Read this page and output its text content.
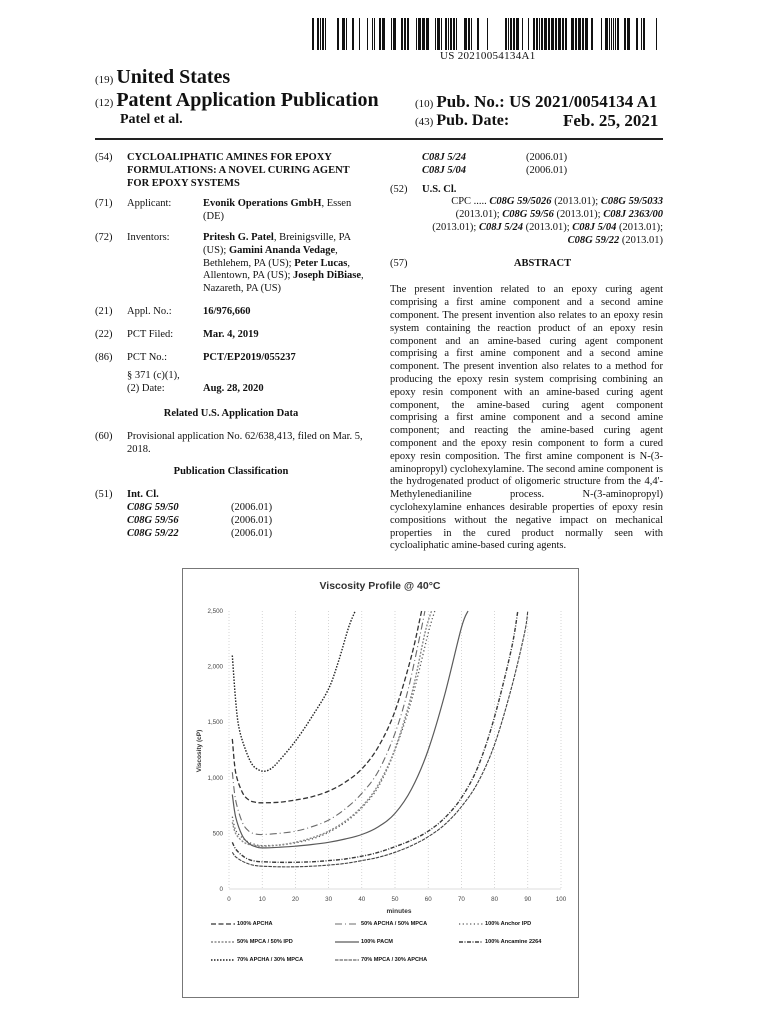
US 20210054134A1
(19) United States
(12) Patent Application Publication
Patel et al.
(10) Pub. No.: US 2021/0054134 A1
(43) Pub. Date:	Feb. 25, 2021
(54)	CYCLOALIPHATIC AMINES FOR EPOXY FORMULATIONS: A NOVEL CURING AGENT FOR EPOXY SYSTEMS
(71)	Applicant:	Evonik Operations GmbH, Essen (DE)
(72)	Inventors:	Pritesh G. Patel, Breinigsville, PA (US); Gamini Ananda Vedage, Bethlehem, PA (US); Peter Lucas, Allentown, PA (US); Joseph DiBiase, Nazareth, PA (US)
(21)	Appl. No.:	16/976,660
(22)	PCT Filed:	Mar. 4, 2019
(86)	PCT No.:	PCT/EP2019/055237
§ 371 (c)(1),
(2) Date:	Aug. 28, 2020
Related U.S. Application Data
(60)	Provisional application No. 62/638,413, filed on Mar. 5, 2018.
Publication Classification
(51)	Int. Cl.
C08G 59/50	(2006.01)
C08G 59/56	(2006.01)
C08G 59/22	(2006.01)
C08J 5/24	(2006.01)
C08J 5/04	(2006.01)
(52)	U.S. Cl.
CPC ..... C08G 59/5026 (2013.01); C08G 59/5033 (2013.01); C08G 59/56 (2013.01); C08J 2363/00 (2013.01); C08J 5/24 (2013.01); C08J 5/04 (2013.01); C08G 59/22 (2013.01)
(57)	ABSTRACT
The present invention related to an epoxy curing agent comprising a first amine component and a second amine component. The present invention also relates to an epoxy resin system containing the reaction product of an epoxy resin component and an amine-based curing agent component comprising a first amine component and a second amine component. The present invention also relates to a method for producing the epoxy resin system comprising combining an epoxy resin component with an amine-based curing agent component, the amine-based curing agent component comprising a first amine component and a second amine component; and reacting the amine-based curing agent component and the epoxy resin component to form a cured epoxy resin composition. The first amine component is N-(3-aminopropyl) cyclohexylamine. The second amine component is the hydrogenated product of oligomeric structure from the 4,4'-Methylenedianiline process. N-(3-aminopropyl) cyclohexylamine enhances desirable properties of epoxy resin compositions without the negative impact on mechanical properties in the cured product normally seen with cycloaliphatic amine-based curing agents.
Viscosity Profile @ 40°C
Viscosity (cP)
minutes
0	10	20	30	40	50	60	70	80	90	100
0
500
1,000
1,500
2,000
2,500
100% APCHA	50% APCHA / 50% MPCA	100% Anchor IPD
50% MPCA / 50% IPD	100% PACM	100% Ancamine 2264
70% APCHA / 30% MPCA	70% MPCA / 30% APCHA
